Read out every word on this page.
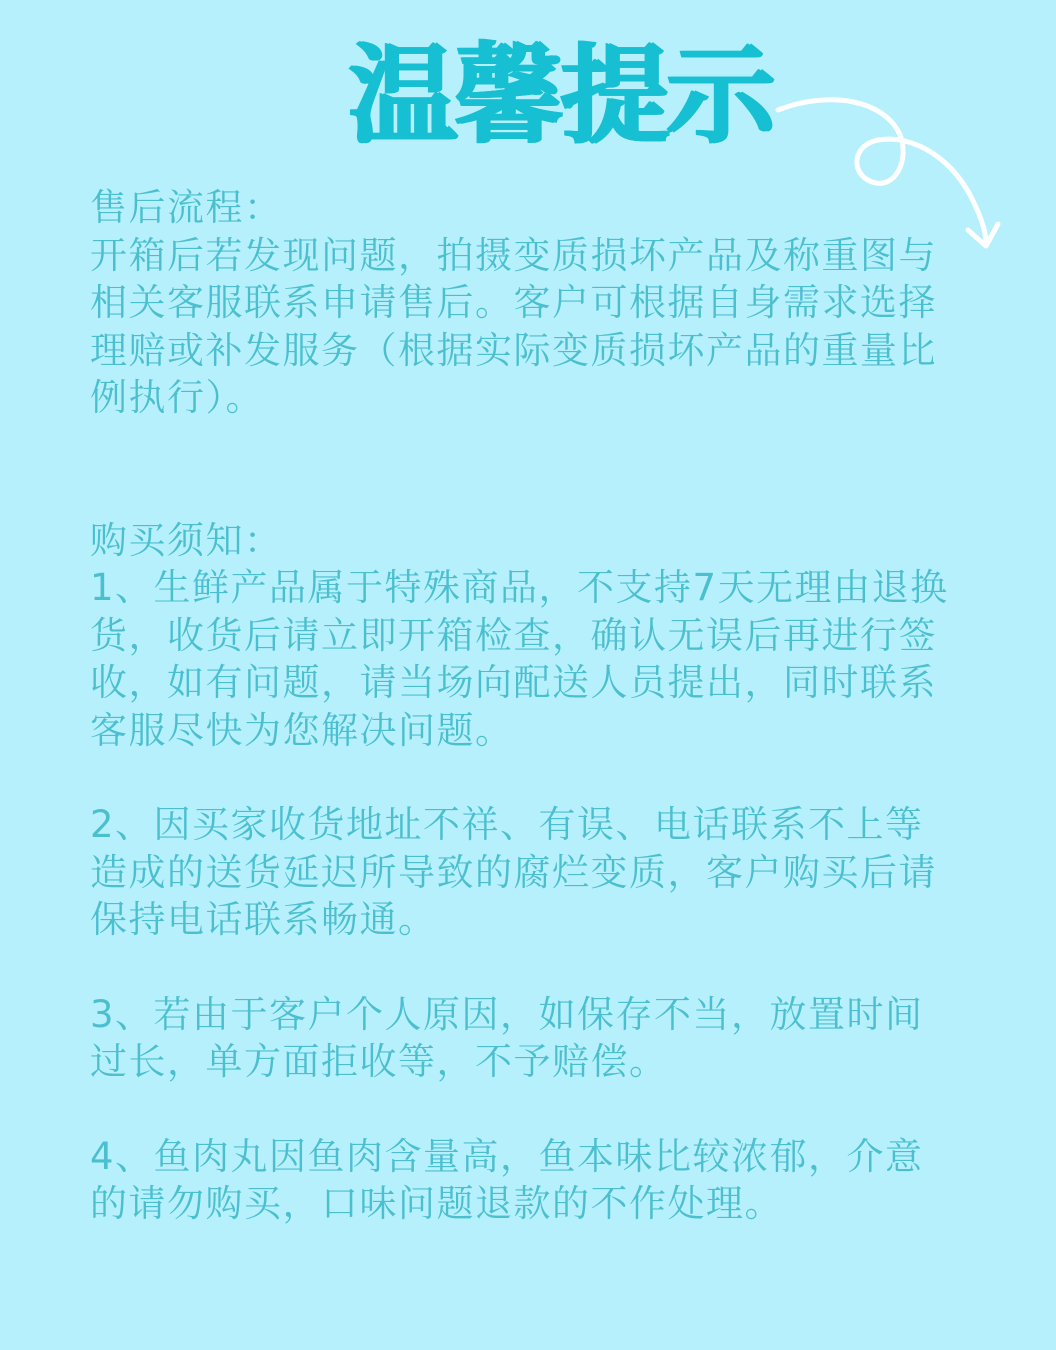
温馨提示

售后流程：

开箱后若发现问题，拍摄变质损坏产品及称重图与相关客服联系申请售后。客户可根据自身需求选择理赔或补发服务（根据实际变质损坏产品的重量比例执行）。

购买须知：

1、生鲜产品属于特殊商品，不支持7天无理由退换货，收货后请立即开箱检查，确认无误后再进行签收，如有问题，请当场向配送人员提出，同时联系客服尽快为您解决问题。

2、因买家收货地址不祥、有误、电话联系不上等造成的送货延迟所导致的腐烂变质，客户购买后请保持电话联系畅通。

3、若由于客户个人原因，如保存不当，放置时间过长，单方面拒收等，不予赔偿。

4、鱼肉丸因鱼肉含量高，鱼本味比较浓郁，介意的请勿购买，口味问题退款的不作处理。
